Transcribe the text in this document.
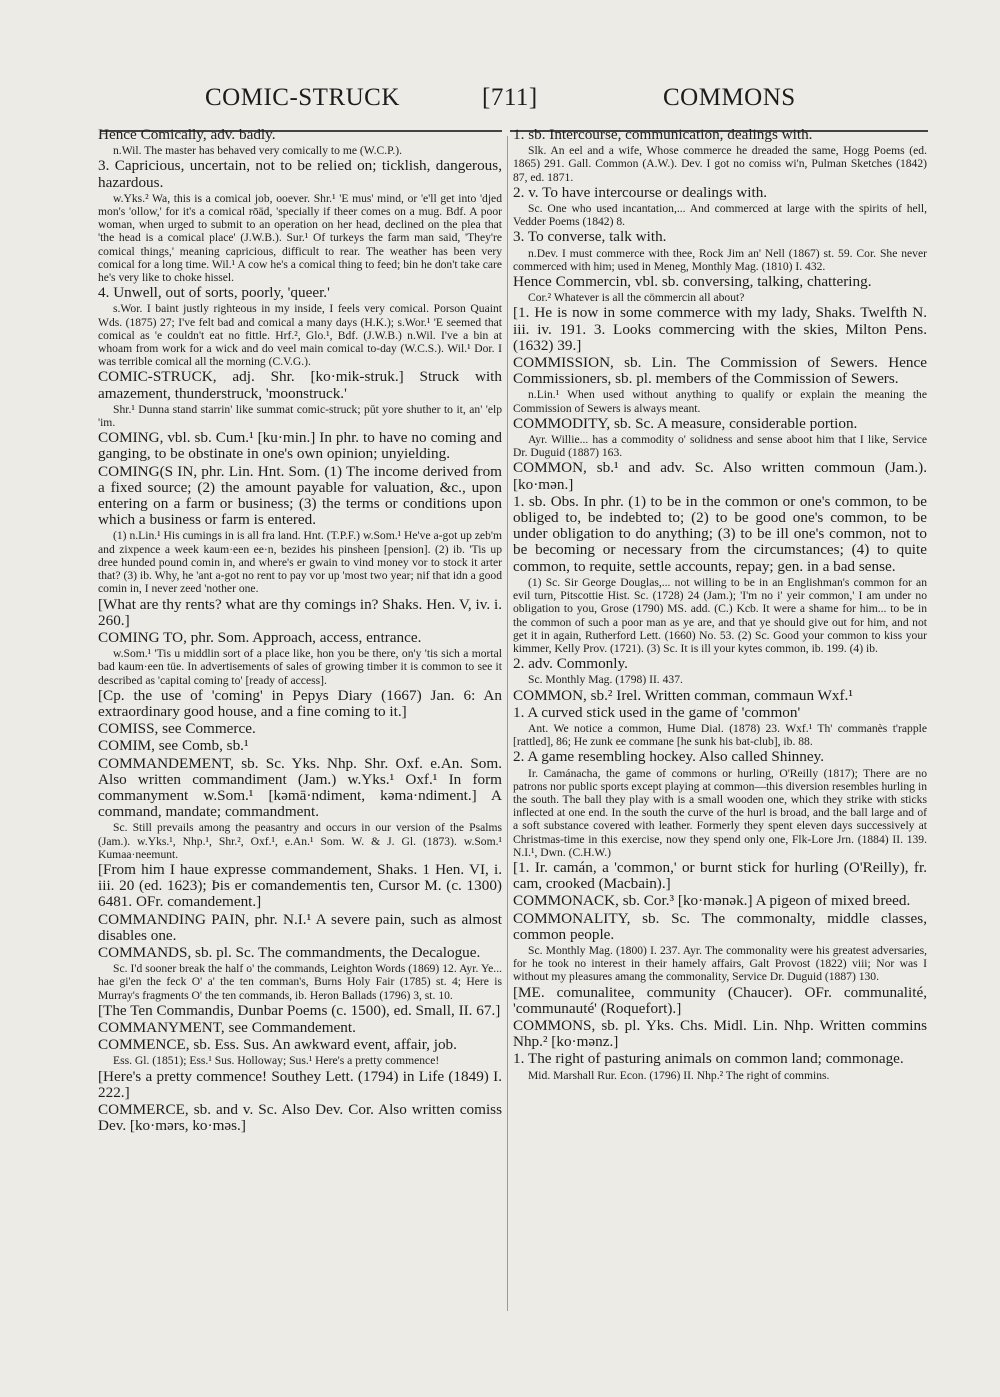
COMIC-STRUCK	[711]	COMMONS

Hence Comically, adv. badly.

n.Wil. The master has behaved very comically to me (W.C.P.).

3. Capricious, uncertain, not to be relied on; ticklish, dangerous, hazardous.

w.Yks.² Wa, this is a comical job, ooever. Shr.¹ 'E mus' mind, or 'e'll get into 'djed mon's 'ollow,' for it's a comical rōäd, 'specially if theer comes on a mug. Bdf. A poor woman, when urged to submit to an operation on her head, declined on the plea that 'the head is a comical place' (J.W.B.). Sur.¹ Of turkeys the farm man said, 'They're comical things,' meaning capricious, difficult to rear. The weather has been very comical for a long time. Wil.¹ A cow he's a comical thing to feed; bin he don't take care he's very like to choke hissel.

4. Unwell, out of sorts, poorly, 'queer.'

s.Wor. I baint justly righteous in my inside, I feels very comical. Porson Quaint Wds. (1875) 27; I've felt bad and comical a many days (H.K.); s.Wor.¹ 'E seemed that comical as 'e couldn't eat no fittle. Hrf.², Glo.¹, Bdf. (J.W.B.) n.Wil. I've a bin at whoam from work for a wick and do veel main comical to-day (W.C.S.). Wil.¹ Dor. I was terrible comical all the morning (C.V.G.).

COMIC-STRUCK, adj. Shr. [ko·mik-struk.] Struck with amazement, thunderstruck, 'moonstruck.'

Shr.¹ Dunna stand starrin' like summat comic-struck; pŭt yore shuther to it, an' 'elp 'im.

COMING, vbl. sb. Cum.¹ [ku·min.] In phr. to have no coming and ganging, to be obstinate in one's own opinion; unyielding.

COMING(S IN, phr. Lin. Hnt. Som. (1) The income derived from a fixed source; (2) the amount payable for valuation, &c., upon entering on a farm or business; (3) the terms or conditions upon which a business or farm is entered.

(1) n.Lin.¹ His cumings in is all fra land. Hnt. (T.P.F.) w.Som.¹ He've a-got up zeb'm and zixpence a week kaum·een ee·n, bezides his pinsheen [pension]. (2) ib. 'Tis up dree hunded pound comin in, and where's er gwain to vind money vor to stock it arter that? (3) ib. Why, he 'ant a-got no rent to pay vor up 'most two year; nif that idn a good comin in, I never zeed 'nother one.

[What are thy rents? what are thy comings in? Shaks. Hen. V, iv. i. 260.]

COMING TO, phr. Som. Approach, access, entrance.

w.Som.¹ 'Tis u middlin sort of a place like, hon you be there, on'y 'tis sich a mortal bad kaum·een tüe. In advertisements of sales of growing timber it is common to see it described as 'capital coming to' [ready of access].

[Cp. the use of 'coming' in Pepys Diary (1667) Jan. 6: An extraordinary good house, and a fine coming to it.]

COMISS, see Commerce.

COMIM, see Comb, sb.¹

COMMANDEMENT, sb. Sc. Yks. Nhp. Shr. Oxf. e.An. Som. Also written commandiment (Jam.) w.Yks.¹ Oxf.¹ In form commanyment w.Som.¹ [kəmā·ndiment, kəma·ndiment.] A command, mandate; commandment.

Sc. Still prevails among the peasantry and occurs in our version of the Psalms (Jam.). w.Yks.¹, Nhp.¹, Shr.², Oxf.¹, e.An.¹ Som. W. & J. Gl. (1873). w.Som.¹ Kumaa·neemunt.

[From him I haue expresse commandement, Shaks. 1 Hen. VI, i. iii. 20 (ed. 1623); Þis er comandementis ten, Cursor M. (c. 1300) 6481. OFr. comandement.]

COMMANDING PAIN, phr. N.I.¹ A severe pain, such as almost disables one.

COMMANDS, sb. pl. Sc. The commandments, the Decalogue.

Sc. I'd sooner break the half o' the commands, Leighton Words (1869) 12. Ayr. Ye... hae gi'en the feck O' a' the ten comman's, Burns Holy Fair (1785) st. 4; Here is Murray's fragments O' the ten commands, ib. Heron Ballads (1796) 3, st. 10.

[The Ten Commandis, Dunbar Poems (c. 1500), ed. Small, II. 67.]

COMMANYMENT, see Commandement.

COMMENCE, sb. Ess. Sus. An awkward event, affair, job.

Ess. Gl. (1851); Ess.¹ Sus. Holloway; Sus.¹ Here's a pretty commence!

[Here's a pretty commence! Southey Lett. (1794) in Life (1849) I. 222.]

COMMERCE, sb. and v. Sc. Also Dev. Cor. Also written comiss Dev. [ko·mərs, ko·məs.]

1. sb. Intercourse, communication, dealings with.

Slk. An eel and a wife, Whose commerce he dreaded the same, Hogg Poems (ed. 1865) 291. Gall. Common (A.W.). Dev. I got no comiss wi'n, Pulman Sketches (1842) 87, ed. 1871.

2. v. To have intercourse or dealings with.

Sc. One who used incantation,... And commerced at large with the spirits of hell, Vedder Poems (1842) 8.

3. To converse, talk with.

n.Dev. I must commerce with thee, Rock Jim an' Nell (1867) st. 59. Cor. She never commerced with him; used in Meneg, Monthly Mag. (1810) I. 432.

Hence Commercin, vbl. sb. conversing, talking, chattering.

Cor.² Whatever is all the cömmercin all about?

[1. He is now in some commerce with my lady, Shaks. Twelfth N. iii. iv. 191. 3. Looks commercing with the skies, Milton Pens. (1632) 39.]

COMMISSION, sb. Lin. The Commission of Sewers. Hence Commissioners, sb. pl. members of the Commission of Sewers.

n.Lin.¹ When used without anything to qualify or explain the meaning the Commission of Sewers is always meant.

COMMODITY, sb. Sc. A measure, considerable portion.

Ayr. Willie... has a commodity o' solidness and sense aboot him that I like, Service Dr. Duguid (1887) 163.

COMMON, sb.¹ and adv. Sc. Also written commoun (Jam.). [ko·mən.]

1. sb. Obs. In phr. (1) to be in the common or one's common, to be obliged to, be indebted to; (2) to be good one's common, to be under obligation to do anything; (3) to be ill one's common, not to be becoming or necessary from the circumstances; (4) to quite common, to requite, settle accounts, repay; gen. in a bad sense.

(1) Sc. Sir George Douglas,... not willing to be in an Englishman's common for an evil turn, Pitscottie Hist. Sc. (1728) 24 (Jam.); 'I'm no i' yeir common,' I am under no obligation to you, Grose (1790) MS. add. (C.) Kcb. It were a shame for him... to be in the common of such a poor man as ye are, and that ye should give out for him, and not get it in again, Rutherford Lett. (1660) No. 53. (2) Sc. Good your common to kiss your kimmer, Kelly Prov. (1721). (3) Sc. It is ill your kytes common, ib. 199. (4) ib.

2. adv. Commonly.

Sc. Monthly Mag. (1798) II. 437.

COMMON, sb.² Irel. Written comman, commaun Wxf.¹

1. A curved stick used in the game of 'common'

Ant. We notice a common, Hume Dial. (1878) 23. Wxf.¹ Th' commanès t'rapple [rattled], 86; He zunk ee commane [he sunk his bat-club], ib. 88.

2. A game resembling hockey. Also called Shinney.

Ir. Camánacha, the game of commons or hurling, O'Reilly (1817); There are no patrons nor public sports except playing at common—this diversion resembles hurling in the south. The ball they play with is a small wooden one, which they strike with sticks inflected at one end. In the south the curve of the hurl is broad, and the ball large and of a soft substance covered with leather. Formerly they spent eleven days successively at Christmas-time in this exercise, now they spend only one, Flk-Lore Jrn. (1884) II. 139. N.I.¹, Dwn. (C.H.W.)

[1. Ir. camán, a 'common,' or burnt stick for hurling (O'Reilly), fr. cam, crooked (Macbain).]

COMMONACK, sb. Cor.³ [ko·mənək.] A pigeon of mixed breed.

COMMONALITY, sb. Sc. The commonalty, middle classes, common people.

Sc. Monthly Mag. (1800) I. 237. Ayr. The commonality were his greatest adversaries, for he took no interest in their hamely affairs, Galt Provost (1822) viii; Nor was I without my pleasures amang the commonality, Service Dr. Duguid (1887) 130.

[ME. comunalitee, community (Chaucer). OFr. communalité, 'communauté' (Roquefort).]

COMMONS, sb. pl. Yks. Chs. Midl. Lin. Nhp. Written commins Nhp.² [ko·mənz.]

1. The right of pasturing animals on common land; commonage.

Mid. Marshall Rur. Econ. (1796) II. Nhp.² The right of commins.
